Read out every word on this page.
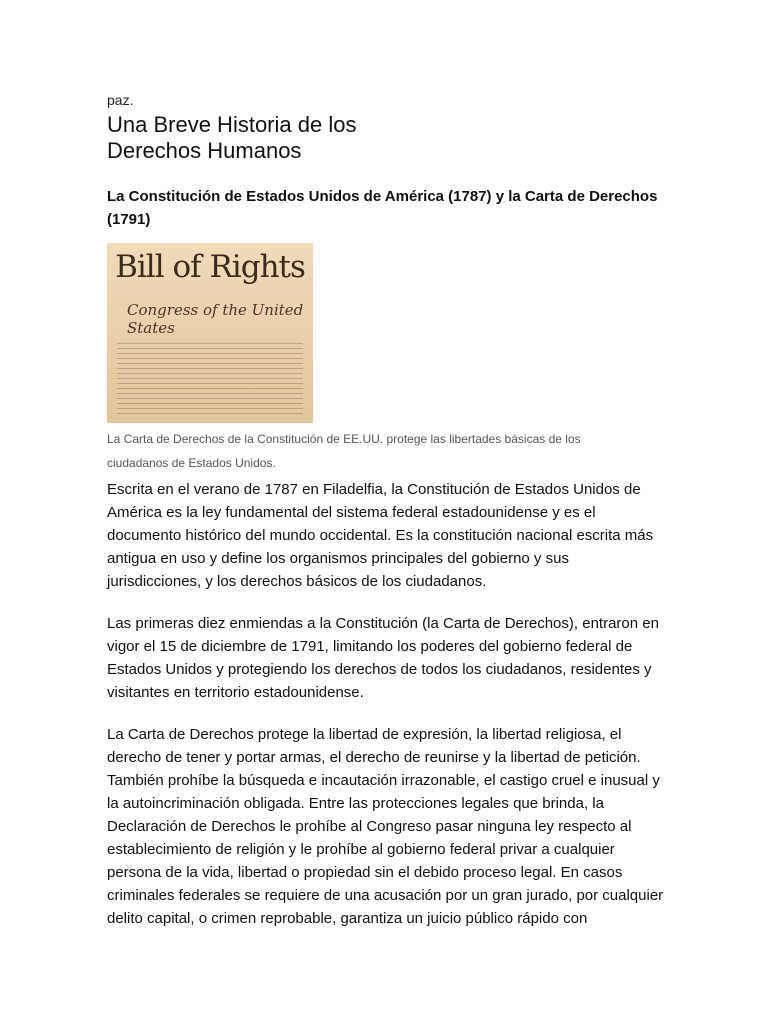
paz.

Una Breve Historia de los
Derechos Humanos
La Constitución de Estados Unidos de América (1787) y la Carta de Derechos (1791)
Bill of Rights
Congress of the United States
La Carta de Derechos de la Constitución de EE.UU. protege las libertades básicas de los ciudadanos de Estados Unidos.

Escrita en el verano de 1787 en Filadelfia, la Constitución de Estados Unidos de América es la ley fundamental del sistema federal estadounidense y es el documento histórico del mundo occidental. Es la constitución nacional escrita más antigua en uso y define los organismos principales del gobierno y sus jurisdicciones, y los derechos básicos de los ciudadanos.

Las primeras diez enmiendas a la Constitución (la Carta de Derechos), entraron en vigor el 15 de diciembre de 1791, limitando los poderes del gobierno federal de Estados Unidos y protegiendo los derechos de todos los ciudadanos, residentes y visitantes en territorio estadounidense.

La Carta de Derechos protege la libertad de expresión, la libertad religiosa, el derecho de tener y portar armas, el derecho de reunirse y la libertad de petición. También prohíbe la búsqueda e incautación irrazonable, el castigo cruel e inusual y la autoincriminación obligada. Entre las protecciones legales que brinda, la Declaración de Derechos le prohíbe al Congreso pasar ninguna ley respecto al establecimiento de religión y le prohíbe al gobierno federal privar a cualquier persona de la vida, libertad o propiedad sin el debido proceso legal. En casos criminales federales se requiere de una acusación por un gran jurado, por cualquier delito capital, o crimen reprobable, garantiza un juicio público rápido con
